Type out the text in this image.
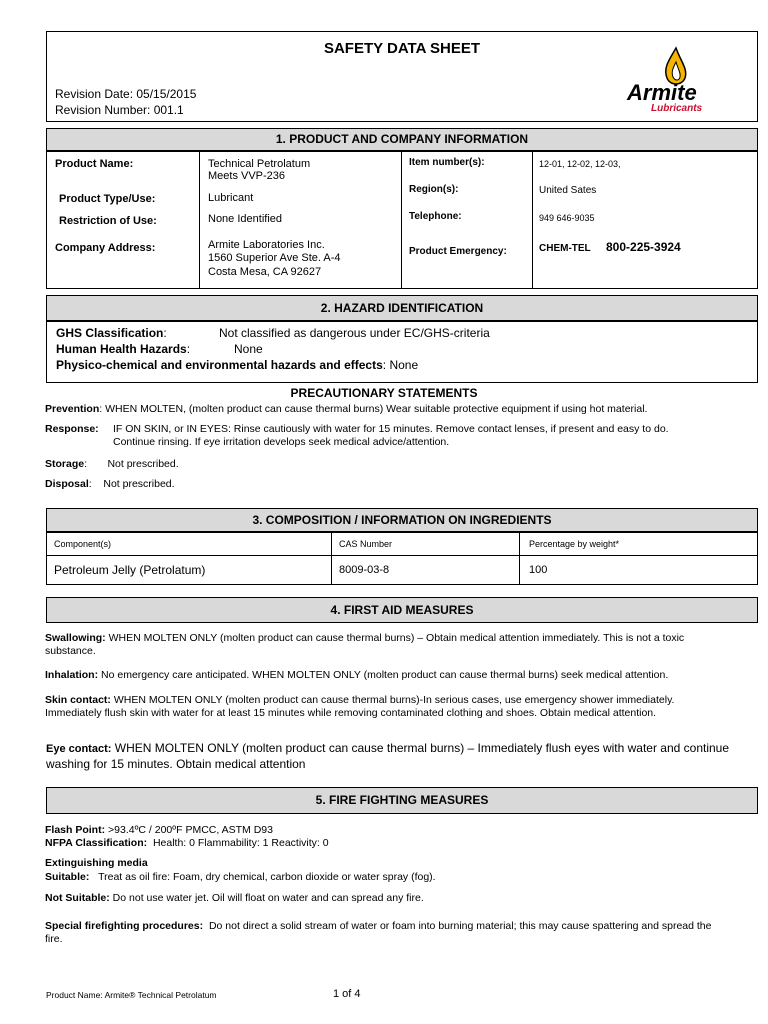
SAFETY DATA SHEET
Revision Date: 05/15/2015
Revision Number: 001.1
Armite
Lubricants
1. PRODUCT AND COMPANY INFORMATION
Product Name:	Technical Petrolatum
Meets VVP-236
Product Type/Use:	Lubricant
Restriction of Use:	None Identified
Company Address:	Armite Laboratories Inc.
1560 Superior Ave Ste. A-4
Costa Mesa, CA 92627
Item number(s):	12-01, 12-02, 12-03,
Region(s):	United Sates
Telephone:	949 646-9035
Product Emergency:	CHEM-TEL 800-225-3924
2. HAZARD IDENTIFICATION
GHS Classification:	Not classified as dangerous under EC/GHS-criteria
Human Health Hazards:	None
Physico-chemical and environmental hazards and effects: None
PRECAUTIONARY STATEMENTS
Prevention: WHEN MOLTEN, (molten product can cause thermal burns) Wear suitable protective equipment if using hot material.
Response:	IF ON SKIN, or IN EYES: Rinse cautiously with water for 15 minutes. Remove contact lenses, if present and easy to do.
Continue rinsing. If eye irritation develops seek medical advice/attention.
Storage:       Not prescribed.
Disposal:    Not prescribed.
3. COMPOSITION / INFORMATION ON INGREDIENTS
Component(s)	CAS Number	Percentage by weight*
Petroleum Jelly (Petrolatum)	8009-03-8	100
4. FIRST AID MEASURES
Swallowing: WHEN MOLTEN ONLY (molten product can cause thermal burns) – Obtain medical attention immediately. This is not a toxic substance.
Inhalation: No emergency care anticipated. WHEN MOLTEN ONLY (molten product can cause thermal burns) seek medical attention.
Skin contact: WHEN MOLTEN ONLY (molten product can cause thermal burns)-In serious cases, use emergency shower immediately. Immediately flush skin with water for at least 15 minutes while removing contaminated clothing and shoes. Obtain medical attention.
Eye contact: WHEN MOLTEN ONLY (molten product can cause thermal burns) – Immediately flush eyes with water and continue washing for 15 minutes. Obtain medical attention
5. FIRE FIGHTING MEASURES
Flash Point: >93.4ºC / 200ºF PMCC, ASTM D93
NFPA Classification: Health: 0 Flammability: 1 Reactivity: 0
Extinguishing media
Suitable: Treat as oil fire: Foam, dry chemical, carbon dioxide or water spray (fog).
Not Suitable: Do not use water jet. Oil will float on water and can spread any fire.
Special firefighting procedures: Do not direct a solid stream of water or foam into burning material; this may cause spattering and spread the fire.
Product Name: Armite® Technical Petrolatum	1 of 4
